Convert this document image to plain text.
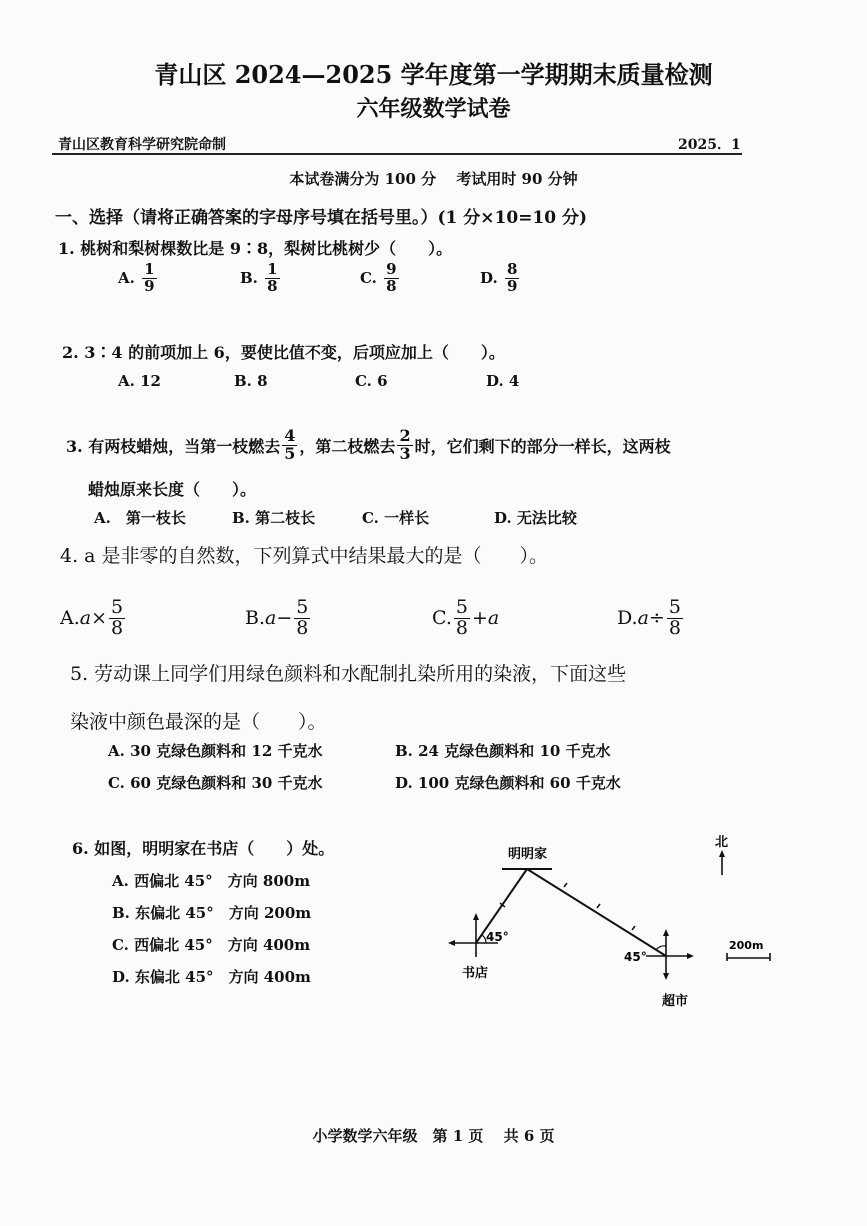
青山区 2024—2025 学年度第一学期期末质量检测
六年级数学试卷
青山区教育科学研究院命制	2025．1
本试卷满分为 100 分　 考试用时 90 分钟
一、选择（请将正确答案的字母序号填在括号里。）(1 分×10=10 分)
1. 桃树和梨树棵数比是 9∶8，梨树比桃树少（　　）。
A. $\frac{1}{9}$	B. $\frac{1}{8}$	C. $\frac{9}{8}$	D. $\frac{8}{9}$
2. 3∶4 的前项加上 6，要使比值不变，后项应加上（　　）。
A. 12	B. 8	C. 6	D. 4
3. 有两枝蜡烛，当第一枝燃去 $\frac{4}{5}$ ，第二枝燃去 $\frac{2}{3}$ 时，它们剩下的部分一样长，这两枝
蜡烛原来长度（　　）。
A.　第一枝长	B. 第二枝长	C. 一样长	D. 无法比较
4. a 是非零的自然数，下列算式中结果最大的是（　　）。
A. $a\times \frac{5}{8}$	B. $a- \frac{5}{8}$	C. $\frac{5}{8} +a$	D. $a\div \frac{5}{8}$
5. 劳动课上同学们用绿色颜料和水配制扎染所用的染液，下面这些
染液中颜色最深的是（　　）。
A. 30 克绿色颜料和 12 千克水	B. 24 克绿色颜料和 10 千克水
C. 60 克绿色颜料和 30 千克水	D. 100 克绿色颜料和 60 千克水
6. 如图，明明家在书店（　　）处。
A. 西偏北 45°　方向 800m
B. 东偏北 45°　方向 200m
C. 西偏北 45°　方向 400m
D. 东偏北 45°　方向 400m
明明家
45°
书店
45°
超市
北
200m
小学数学六年级　第 1 页　 共 6 页
